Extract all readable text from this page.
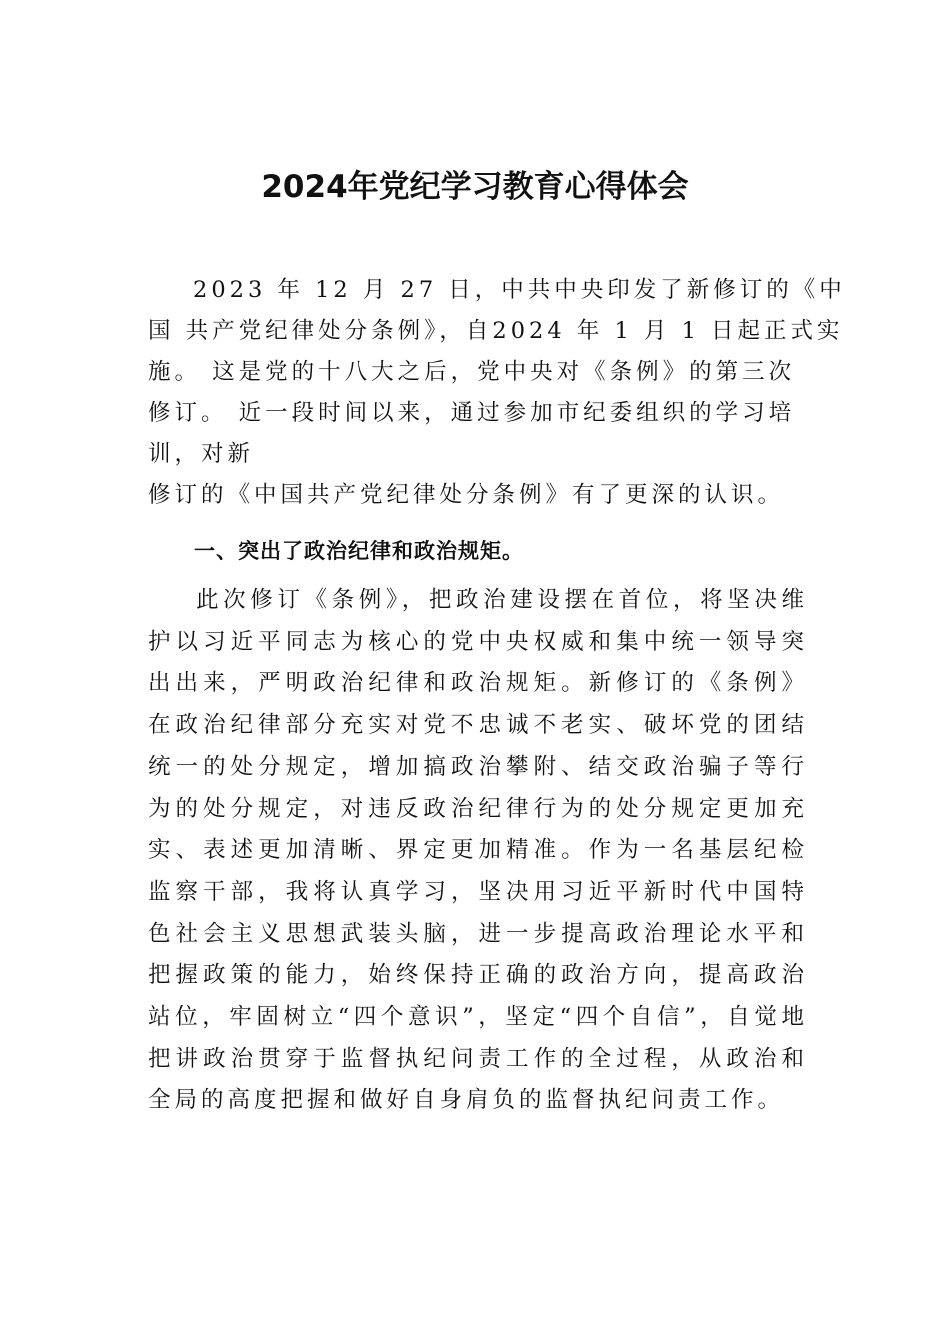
2024年党纪学习教育心得体会
2023 年 12 月 27 日，中共中央印发了新修订的《中
国 共产党纪律处分条例》，自2024 年 1 月 1 日起正式实
施。 这是党的十八大之后，党中央对《条例》的第三次
修订。 近一段时间以来，通过参加市纪委组织的学习培
训，对新
修订的《中国共产党纪律处分条例》有了更深的认识。
一、突出了政治纪律和政治规矩。

此次修订《条例》，把政治建设摆在首位，将坚决维护以习近平同志为核心的党中央权威和集中统一领导突出出来，严明政治纪律和政治规矩。新修订的《条例》在政治纪律部分充实对党不忠诚不老实、破坏党的团结统一的处分规定，增加搞政治攀附、结交政治骗子等行为的处分规定，对违反政治纪律行为的处分规定更加充实、表述更加清晰、界定更加精准。作为一名基层纪检监察干部，我将认真学习，坚决用习近平新时代中国特色社会主义思想武装头脑，进一步提高政治理论水平和把握政策的能力，始终保持正确的政治方向，提高政治站位，牢固树立“四个意识”，坚定“四个自信”，自觉地把讲政治贯穿于监督执纪问责工作的全过程，从政治和全局的高度把握和做好自身肩负的监督执纪问责工作。
